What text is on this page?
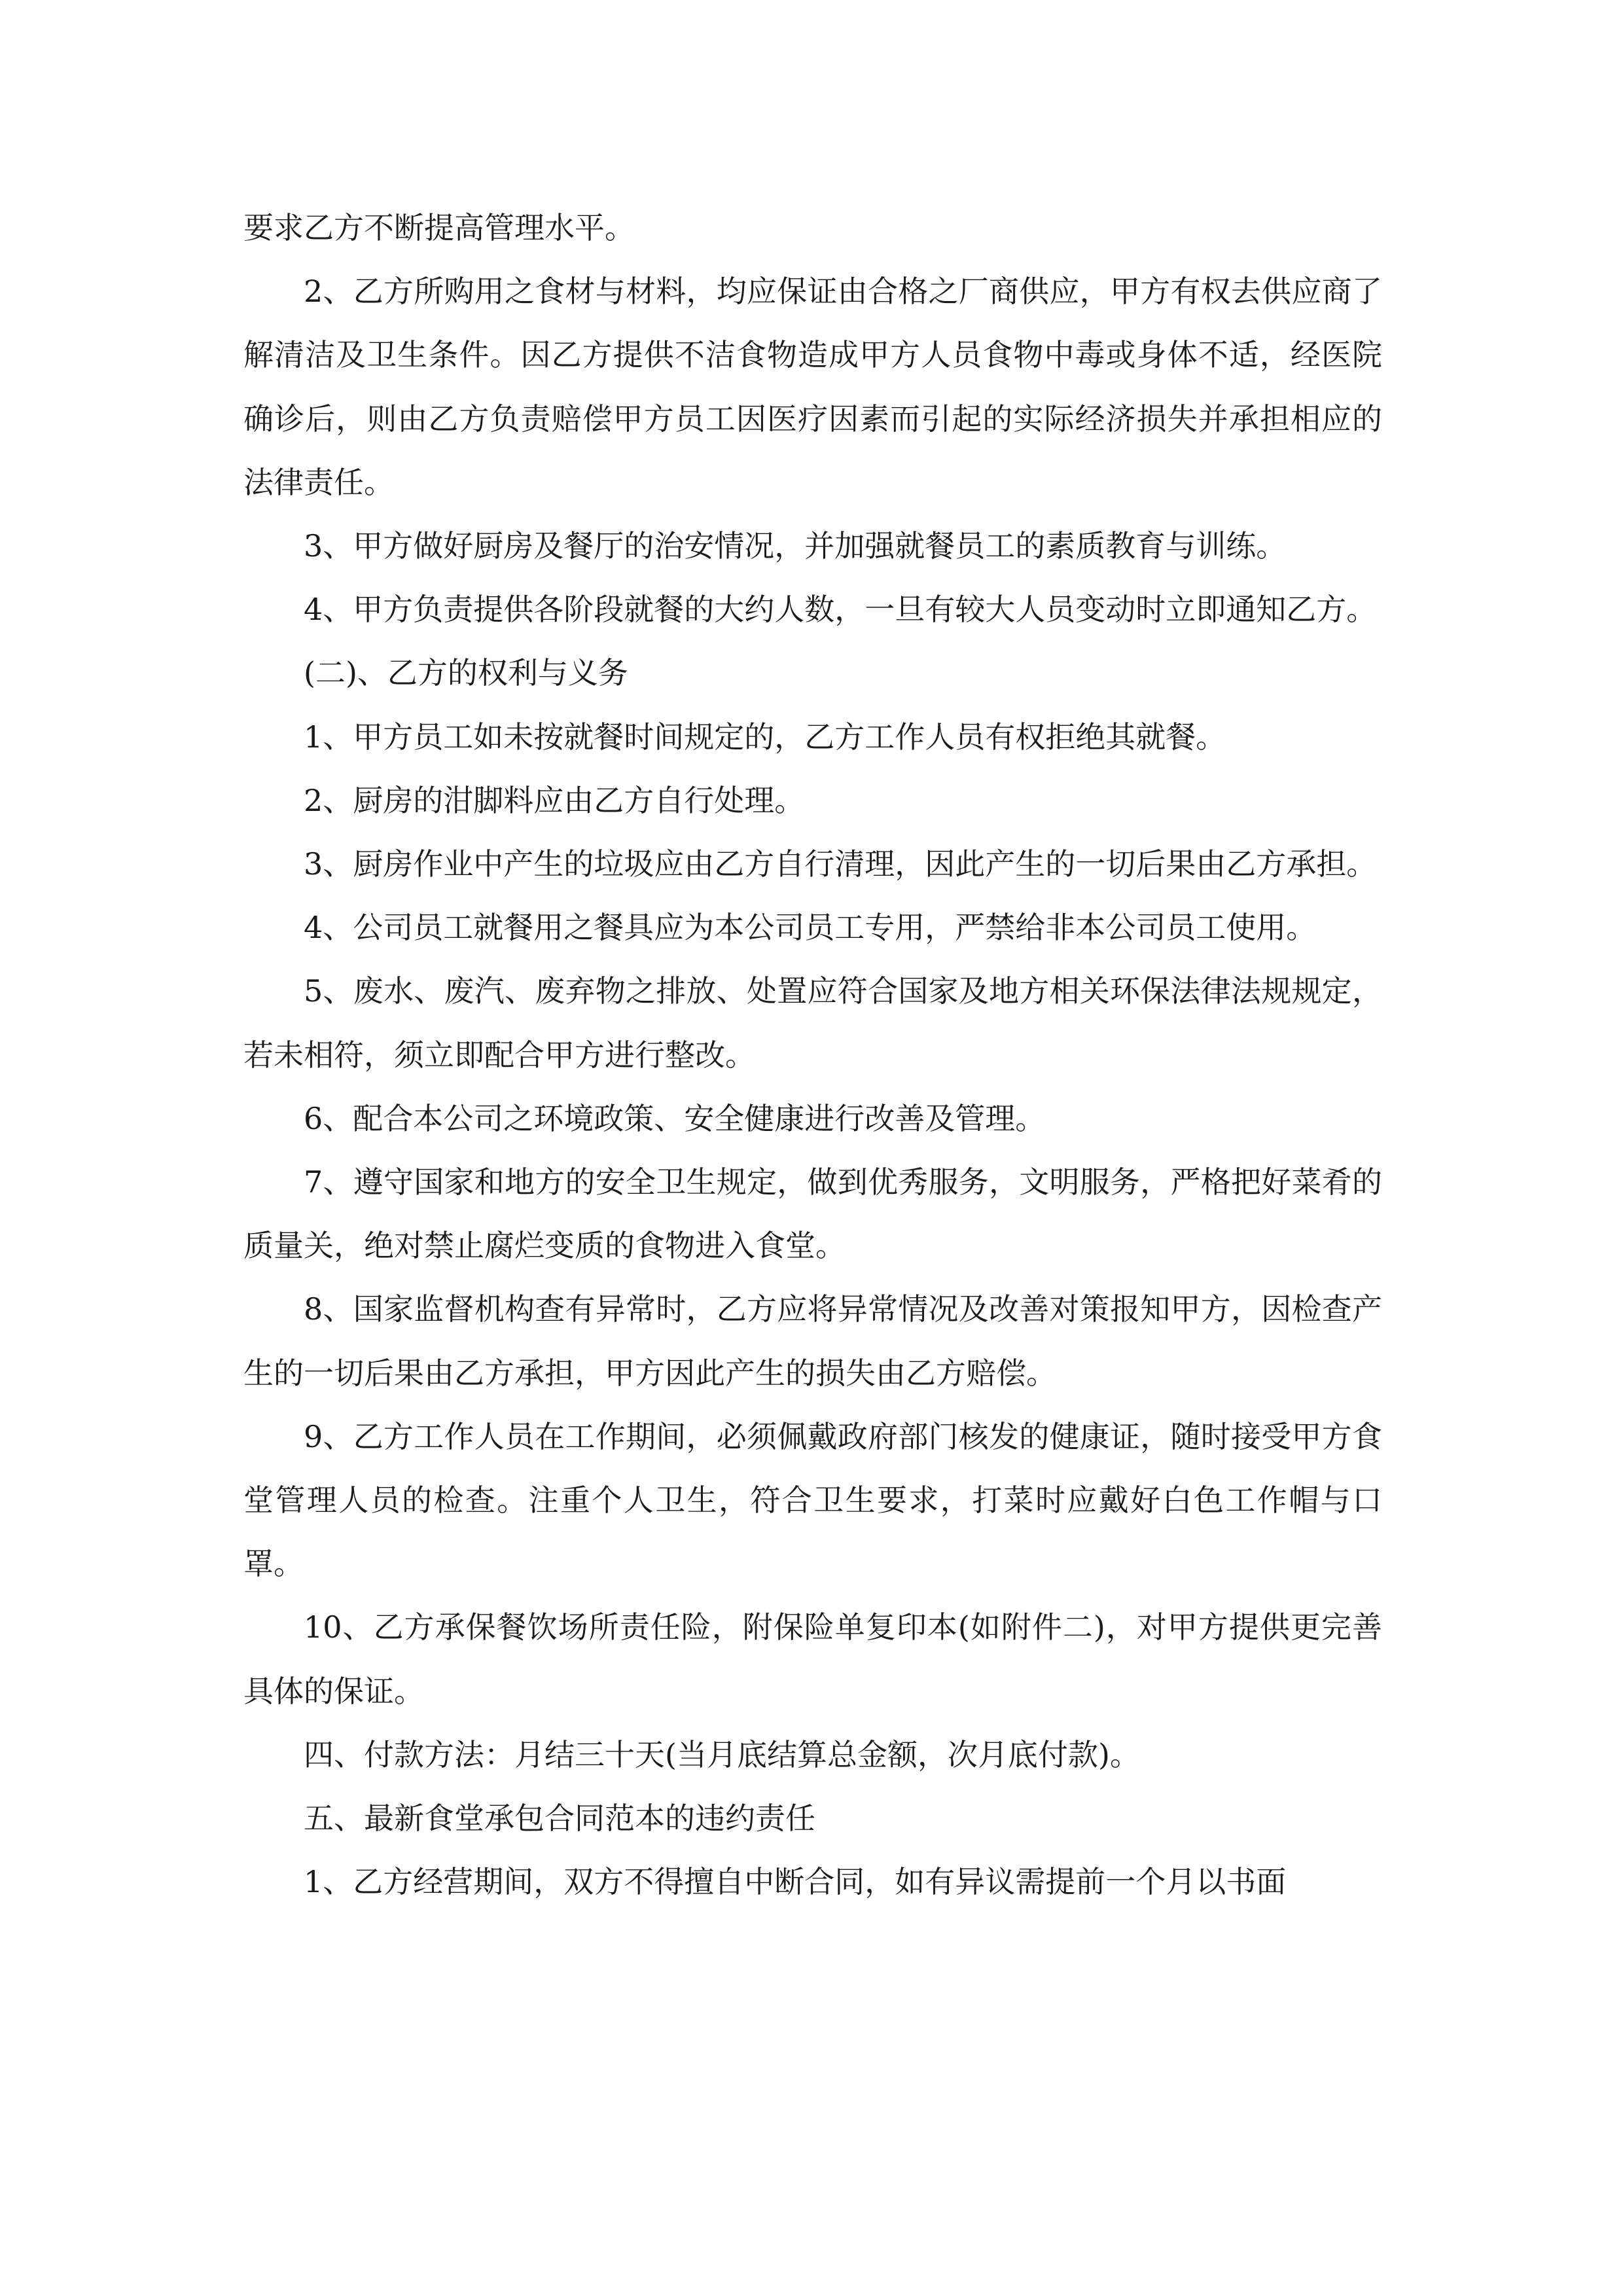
要求乙方不断提高管理水平。

2、乙方所购用之食材与材料，均应保证由合格之厂商供应，甲方有权去供应商了解清洁及卫生条件。因乙方提供不洁食物造成甲方人员食物中毒或身体不适，经医院确诊后，则由乙方负责赔偿甲方员工因医疗因素而引起的实际经济损失并承担相应的法律责任。

3、甲方做好厨房及餐厅的治安情况，并加强就餐员工的素质教育与训练。

4、甲方负责提供各阶段就餐的大约人数，一旦有较大人员变动时立即通知乙方。

(二)、乙方的权利与义务

1、甲方员工如未按就餐时间规定的，乙方工作人员有权拒绝其就餐。

2、厨房的泔脚料应由乙方自行处理。

3、厨房作业中产生的垃圾应由乙方自行清理，因此产生的一切后果由乙方承担。

4、公司员工就餐用之餐具应为本公司员工专用，严禁给非本公司员工使用。

5、废水、废汽、废弃物之排放、处置应符合国家及地方相关环保法律法规规定，若未相符，须立即配合甲方进行整改。

6、配合本公司之环境政策、安全健康进行改善及管理。

7、遵守国家和地方的安全卫生规定，做到优秀服务，文明服务，严格把好菜肴的质量关，绝对禁止腐烂变质的食物进入食堂。

8、国家监督机构查有异常时，乙方应将异常情况及改善对策报知甲方，因检查产生的一切后果由乙方承担，甲方因此产生的损失由乙方赔偿。

9、乙方工作人员在工作期间，必须佩戴政府部门核发的健康证，随时接受甲方食堂管理人员的检查。注重个人卫生，符合卫生要求，打菜时应戴好白色工作帽与口罩。

10、乙方承保餐饮场所责任险，附保险单复印本(如附件二)，对甲方提供更完善具体的保证。

四、付款方法：月结三十天(当月底结算总金额，次月底付款)。

五、最新食堂承包合同范本的违约责任

1、乙方经营期间，双方不得擅自中断合同，如有异议需提前一个月以书面
